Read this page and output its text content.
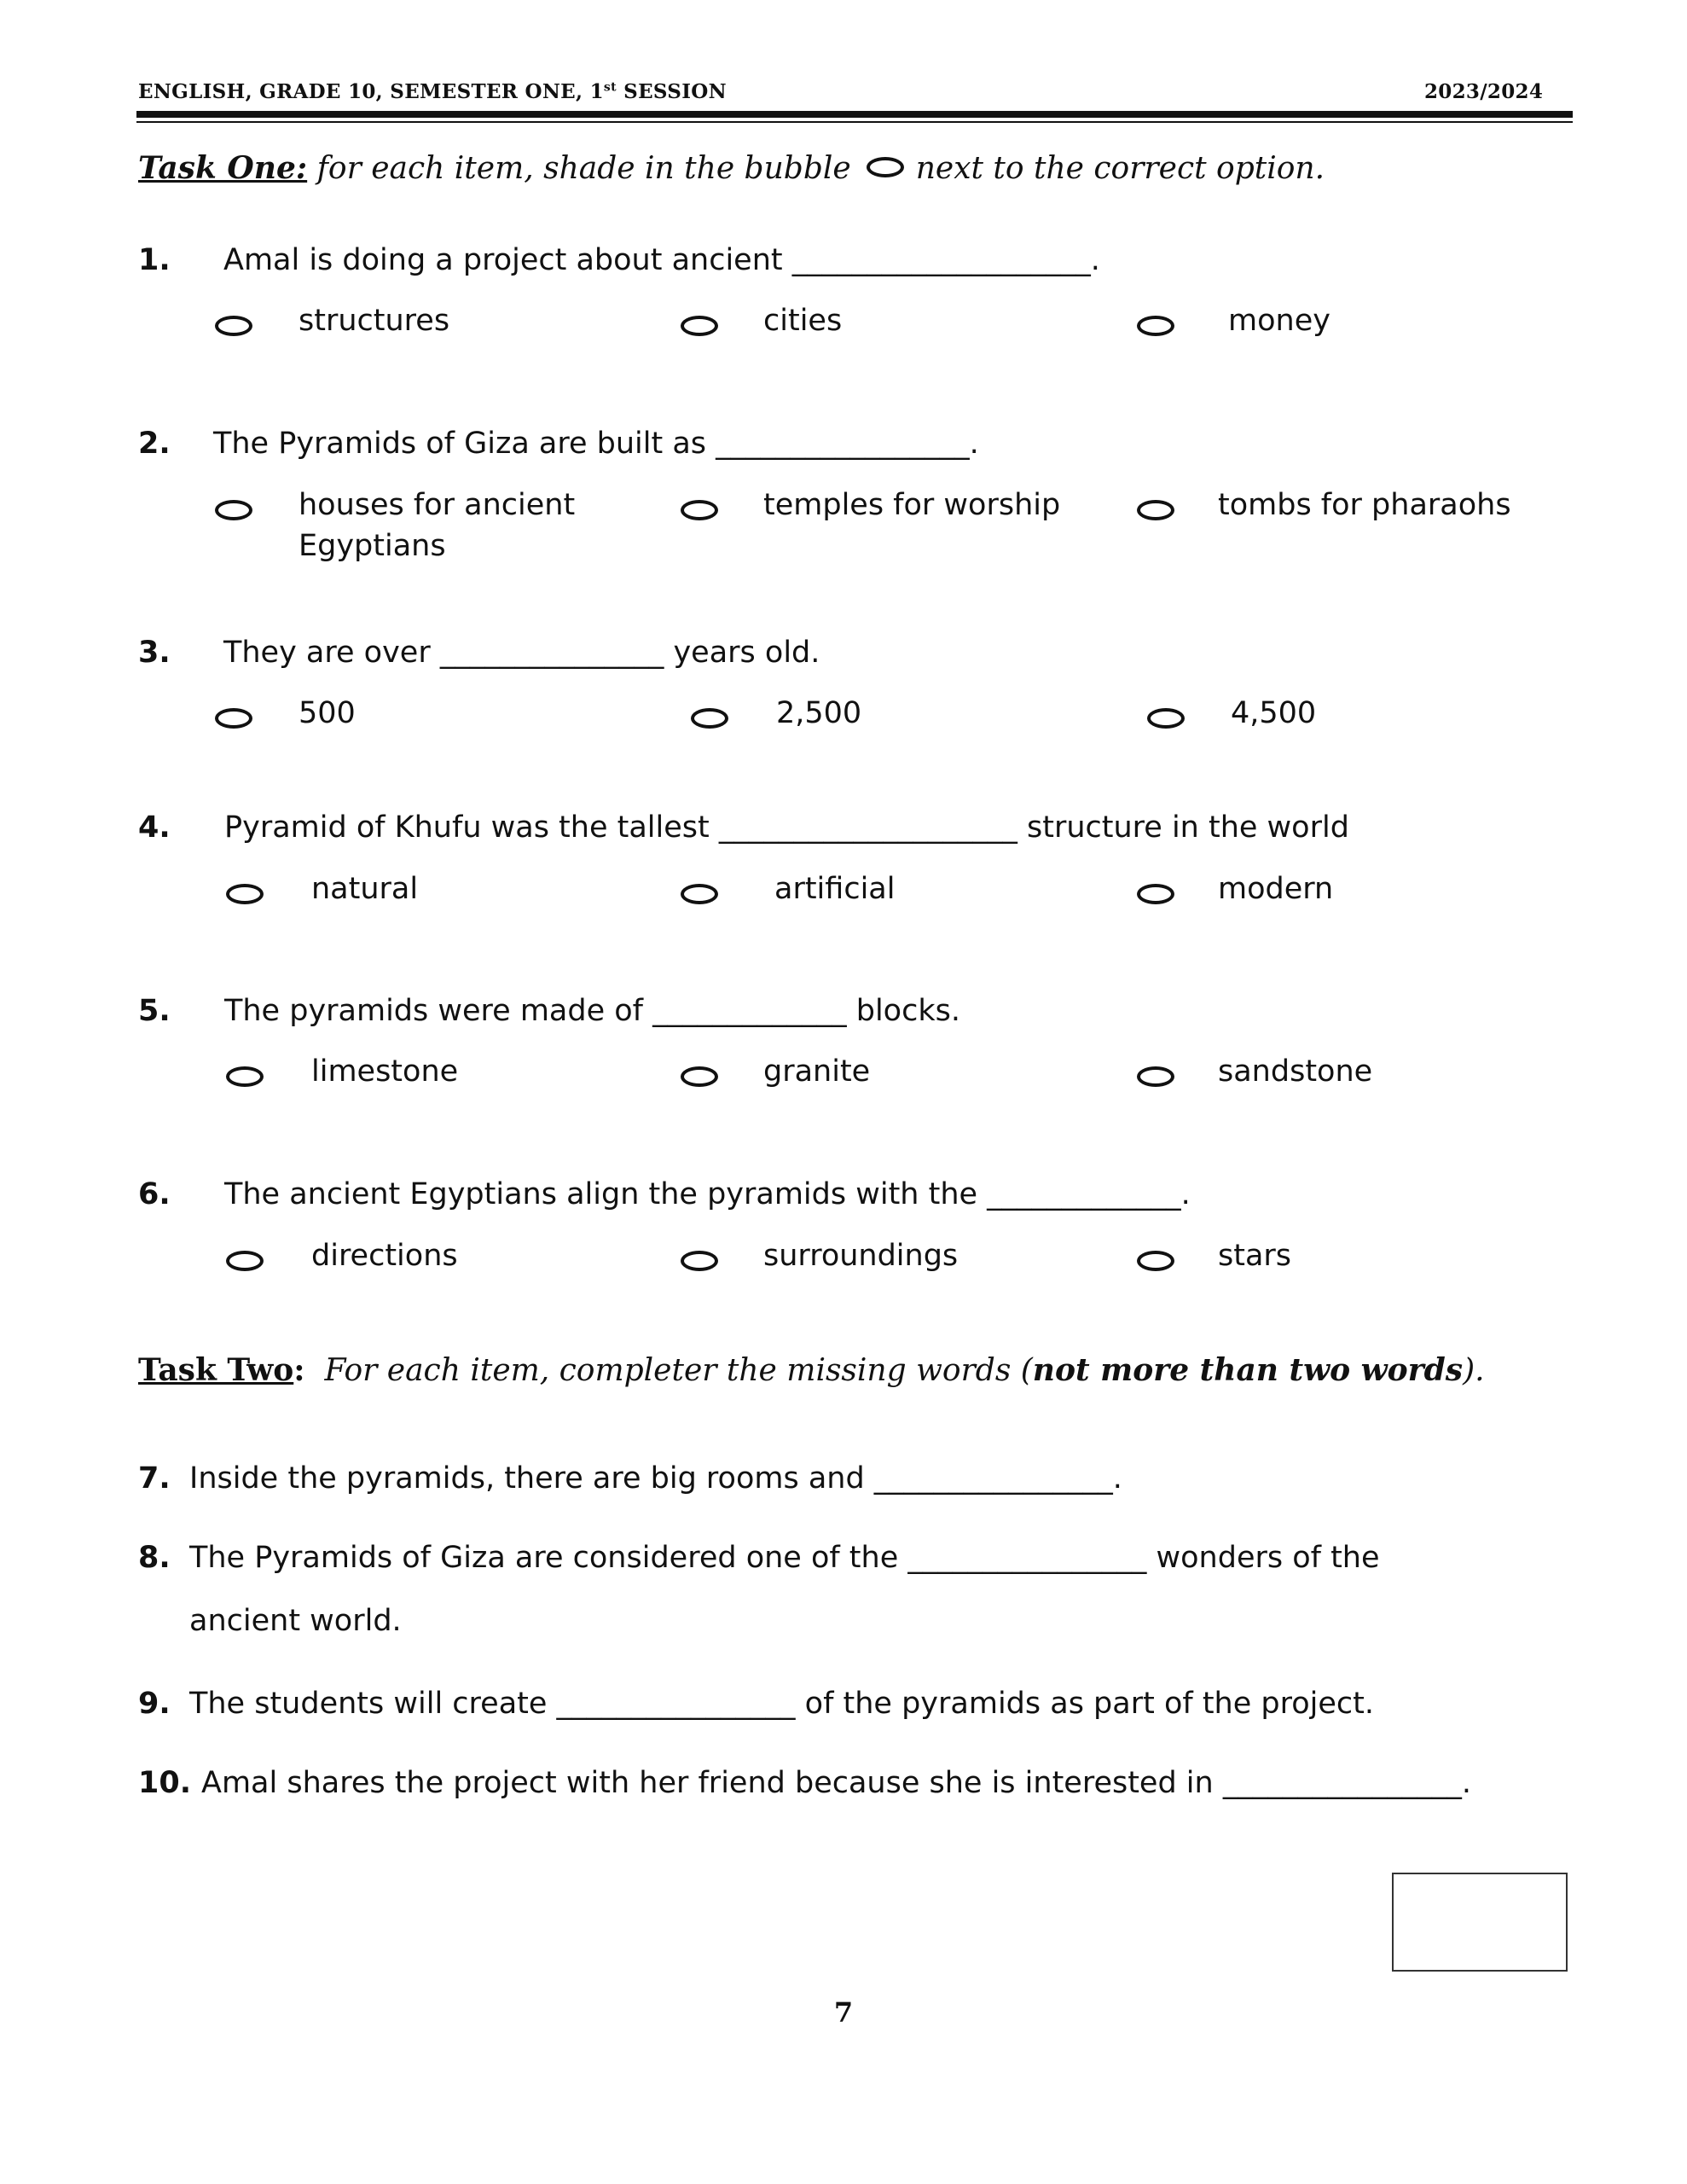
ENGLISH, GRADE 10, SEMESTER ONE, 1st SESSION	2023/2024
Task One: for each item, shade in the bubble next to the correct option.
1. Amal is doing a project about ancient ____________________.
structures	cities	money
2. The Pyramids of Giza are built as _________________.
houses for ancient Egyptians
temples for worship	tombs for pharaohs
3. They are over _______________ years old.
500	2,500	4,500
4. Pyramid of Khufu was the tallest ____________________ structure in the world
natural	artificial	modern
5. The pyramids were made of _____________ blocks.
limestone	granite	sandstone
6. The ancient Egyptians align the pyramids with the _____________.
directions	surroundings	stars
Task Two: For each item, completer the missing words (not more than two words).
7. Inside the pyramids, there are big rooms and ________________.
8. The Pyramids of Giza are considered one of the ________________ wonders of the
ancient world.
9. The students will create ________________ of the pyramids as part of the project.
10. Amal shares the project with her friend because she is interested in ________________.
7
